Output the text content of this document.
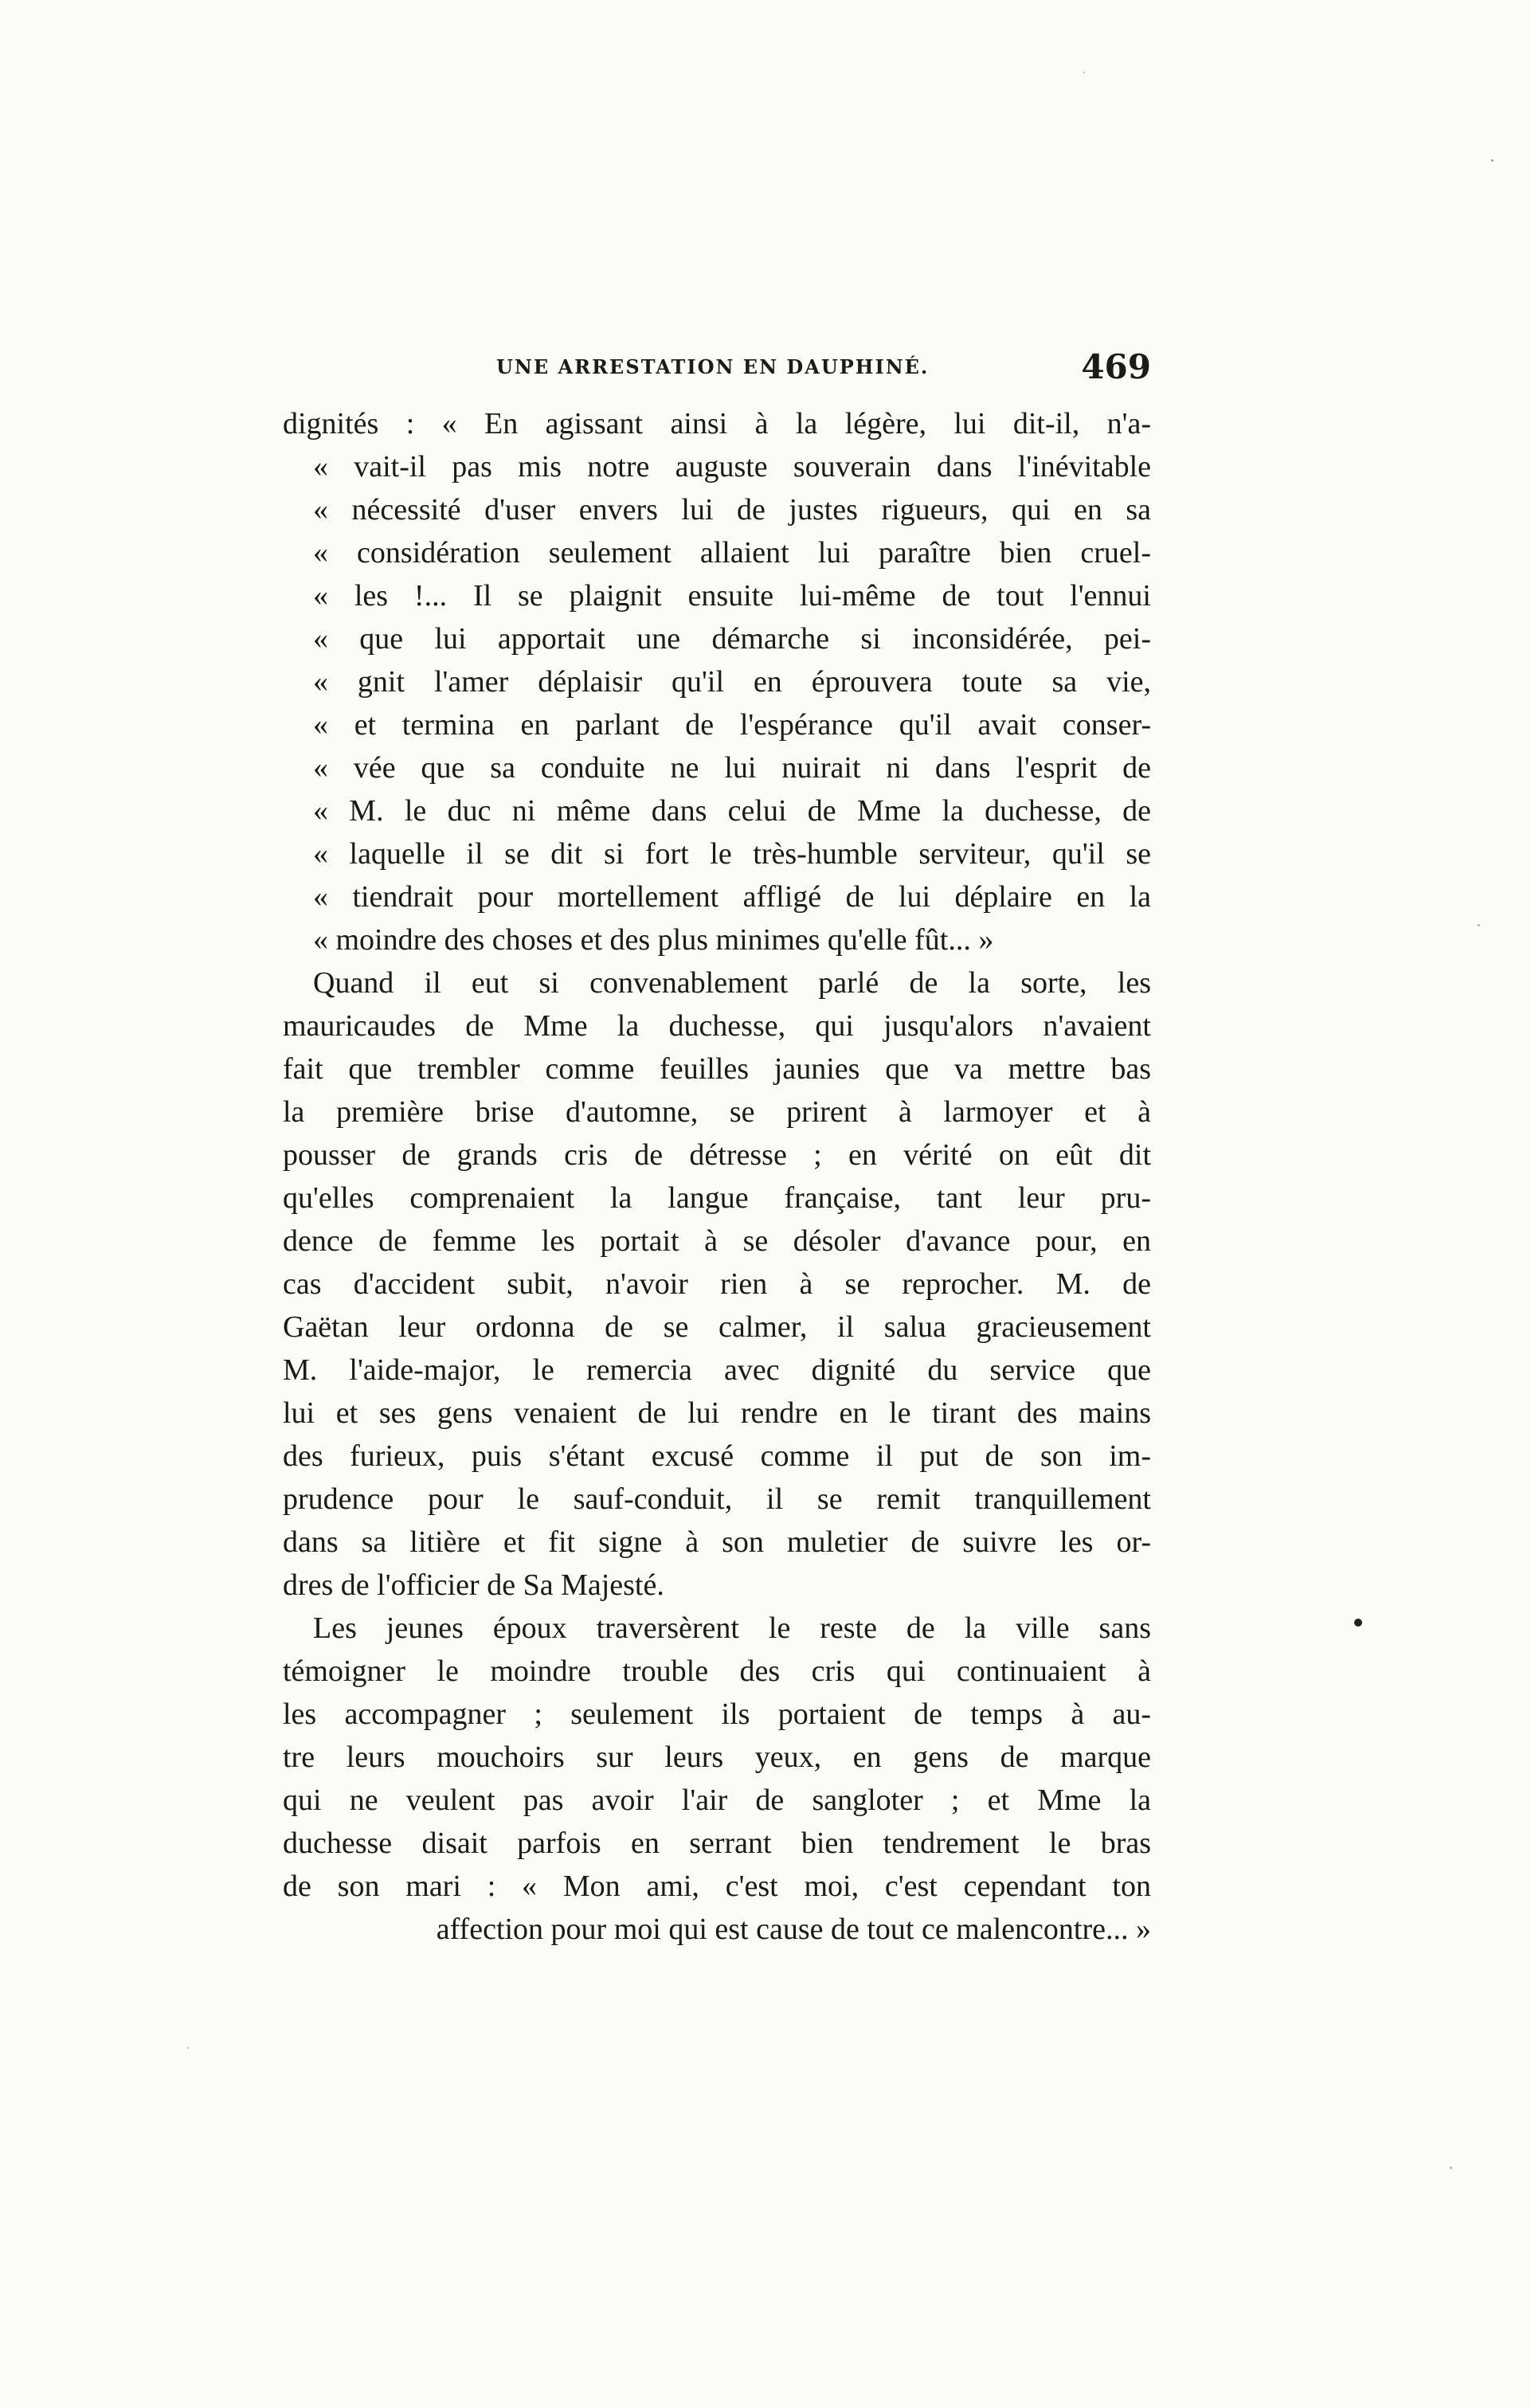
UNE ARRESTATION EN DAUPHINÉ.	469
dignités : « En agissant ainsi à la légère, lui dit-il, n'a-
« vait-il pas mis notre auguste souverain dans l'inévitable
« nécessité d'user envers lui de justes rigueurs, qui en sa
« considération seulement allaient lui paraître bien cruel-
« les !... Il se plaignit ensuite lui-même de tout l'ennui
« que lui apportait une démarche si inconsidérée, pei-
« gnit l'amer déplaisir qu'il en éprouvera toute sa vie,
« et termina en parlant de l'espérance qu'il avait conser-
« vée que sa conduite ne lui nuirait ni dans l'esprit de
« M. le duc ni même dans celui de Mme la duchesse, de
« laquelle il se dit si fort le très-humble serviteur, qu'il se
« tiendrait pour mortellement affligé de lui déplaire en la
« moindre des choses et des plus minimes qu'elle fût... »
Quand il eut si convenablement parlé de la sorte, les
mauricaudes de Mme la duchesse, qui jusqu'alors n'avaient
fait que trembler comme feuilles jaunies que va mettre bas
la première brise d'automne, se prirent à larmoyer et à
pousser de grands cris de détresse ; en vérité on eût dit
qu'elles comprenaient la langue française, tant leur pru-
dence de femme les portait à se désoler d'avance pour, en
cas d'accident subit, n'avoir rien à se reprocher. M. de
Gaëtan leur ordonna de se calmer, il salua gracieusement
M. l'aide-major, le remercia avec dignité du service que
lui et ses gens venaient de lui rendre en le tirant des mains
des furieux, puis s'étant excusé comme il put de son im-
prudence pour le sauf-conduit, il se remit tranquillement
dans sa litière et fit signe à son muletier de suivre les or-
dres de l'officier de Sa Majesté.
Les jeunes époux traversèrent le reste de la ville sans
témoigner le moindre trouble des cris qui continuaient à
les accompagner ; seulement ils portaient de temps à au-
tre leurs mouchoirs sur leurs yeux, en gens de marque
qui ne veulent pas avoir l'air de sangloter ; et Mme la
duchesse disait parfois en serrant bien tendrement le bras
de son mari : « Mon ami, c'est moi, c'est cependant ton
affection pour moi qui est cause de tout ce malencontre... »
